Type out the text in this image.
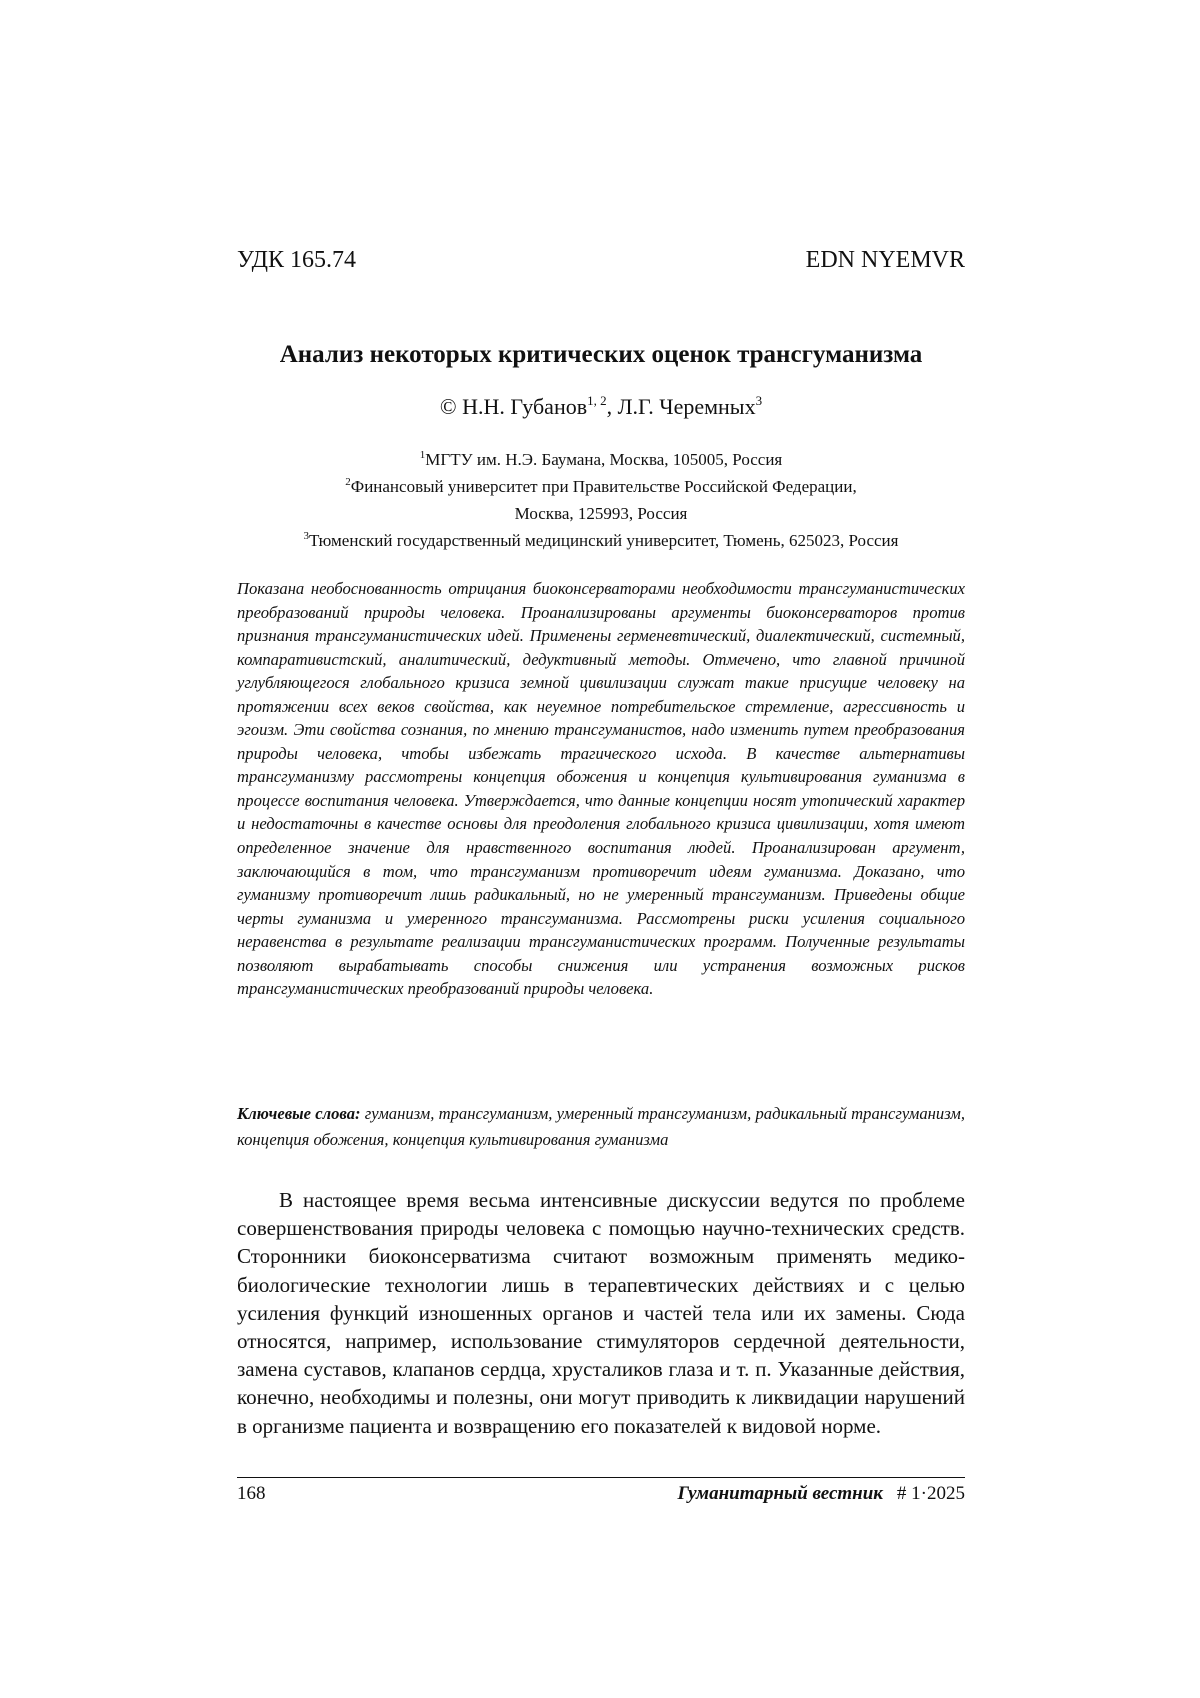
УДК 165.74	EDN NYEMVR
Анализ некоторых критических оценок трансгуманизма
© Н.Н. Губанов$^{1, 2}$, Л.Г. Черемных$^3$
$^1$МГТУ им. Н.Э. Баумана, Москва, 105005, Россия
$^2$Финансовый университет при Правительстве Российской Федерации,
Москва, 125993, Россия
$^3$Тюменский государственный медицинский университет, Тюмень, 625023, Россия
Показана необоснованность отрицания биоконсерваторами необходимости трансгуманистических преобразований природы человека. Проанализированы аргументы биоконсерваторов против признания трансгуманистических идей. Применены герменевтический, диалектический, системный, компаративистский, аналитический, дедуктивный методы. Отмечено, что главной причиной углубляющегося глобального кризиса земной цивилизации служат такие присущие человеку на протяжении всех веков свойства, как неуемное потребительское стремление, агрессивность и эгоизм. Эти свойства сознания, по мнению трансгуманистов, надо изменить путем преобразования природы человека, чтобы избежать трагического исхода. В качестве альтернативы трансгуманизму рассмотрены концепция обожения и концепция культивирования гуманизма в процессе воспитания человека. Утверждается, что данные концепции носят утопический характер и недостаточны в качестве основы для преодоления глобального кризиса цивилизации, хотя имеют определенное значение для нравственного воспитания людей. Проанализирован аргумент, заключающийся в том, что трансгуманизм противоречит идеям гуманизма. Доказано, что гуманизму противоречит лишь радикальный, но не умеренный трансгуманизм. Приведены общие черты гуманизма и умеренного трансгуманизма. Рассмотрены риски усиления социального неравенства в результате реализации трансгуманистических программ. Полученные результаты позволяют вырабатывать способы снижения или устранения возможных рисков трансгуманистических преобразований природы человека.
Ключевые слова: гуманизм, трансгуманизм, умеренный трансгуманизм, радикальный трансгуманизм, концепция обожения, концепция культивирования гуманизма
В настоящее время весьма интенсивные дискуссии ведутся по проблеме совершенствования природы человека с помощью научно-технических средств. Сторонники биоконсерватизма считают возможным применять медико-биологические технологии лишь в терапевтических действиях и с целью усиления функций изношенных органов и частей тела или их замены. Сюда относятся, например, использование стимуляторов сердечной деятельности, замена суставов, клапанов сердца, хрусталиков глаза и т. п. Указанные действия, конечно, необходимы и полезны, они могут приводить к ликвидации нарушений в организме пациента и возвращению его показателей к видовой норме.
168	Гуманитарный вестник # 1·2025
